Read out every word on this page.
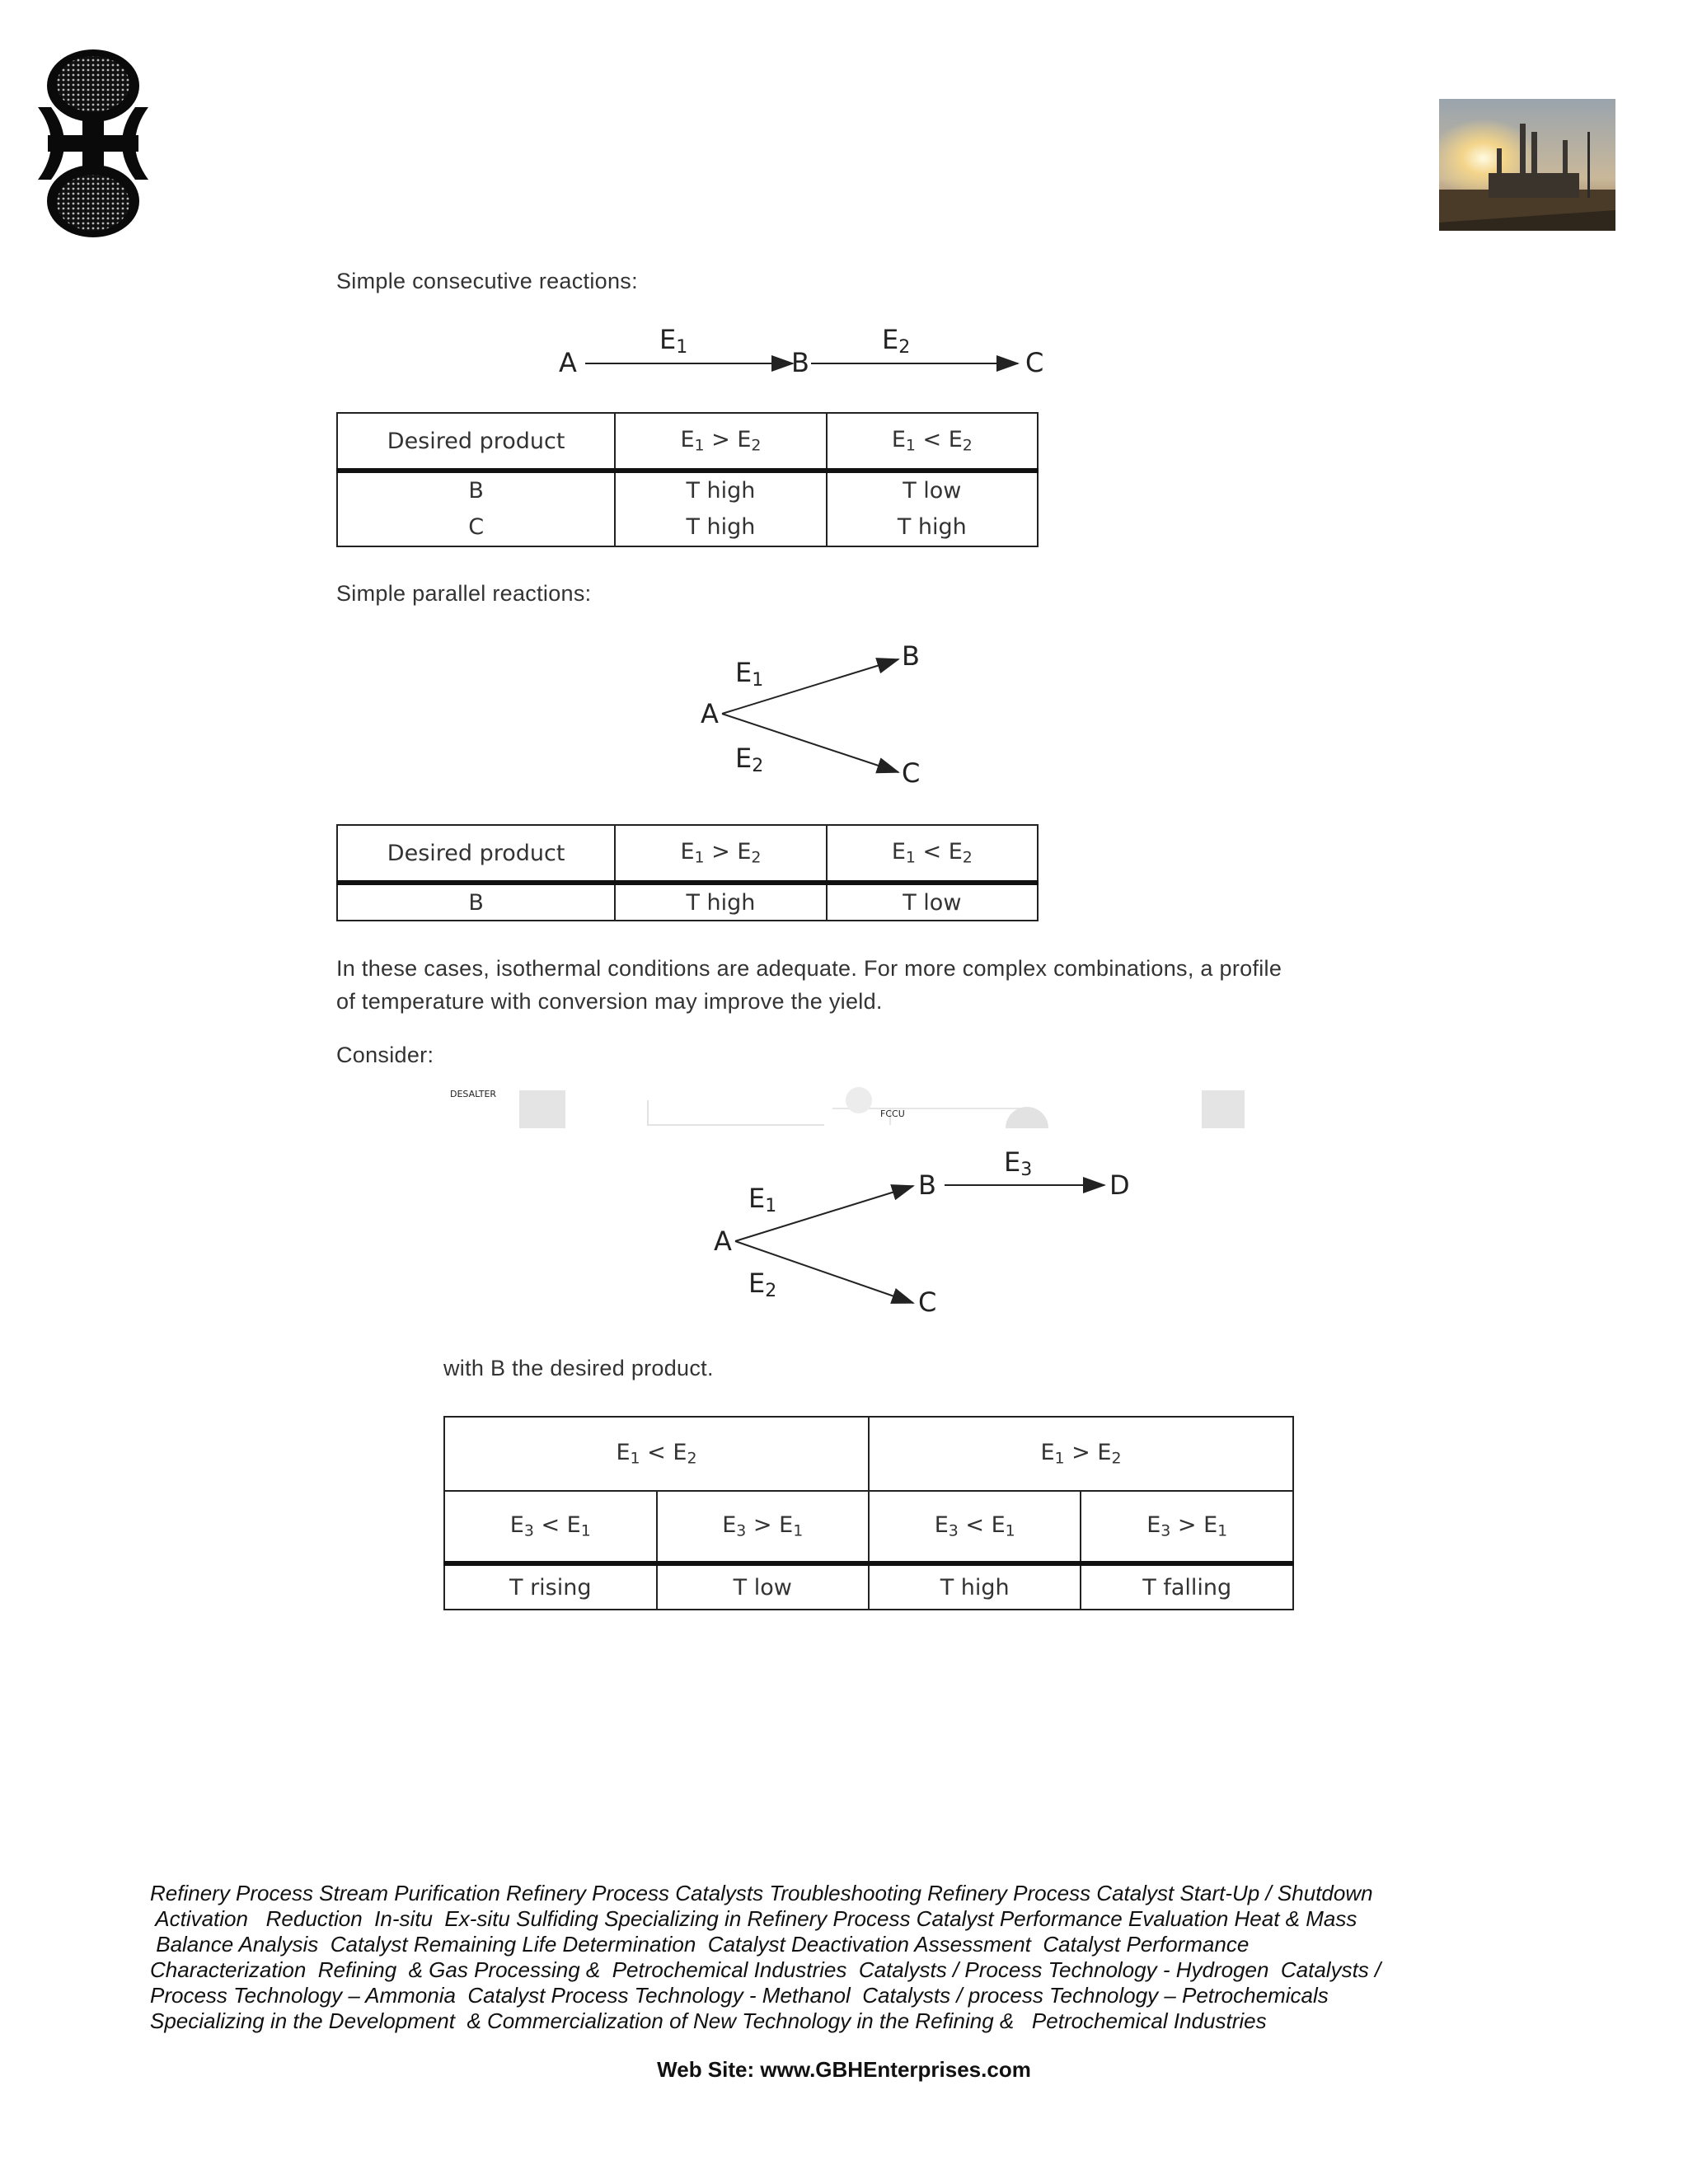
Simple consecutive reactions:
A
E1	B
E2	C
Desired product	$E_1 > E_2$	$E_1 < E_2$
B	T high	T low
C	T high	T high
Simple parallel reactions:
A
B
C
E1
E2
Desired product	$E_1 > E_2$	$E_1 < E_2$
B	T high	T low
In these cases, isothermal conditions are adequate. For more complex combinations, a profile
of temperature with conversion may improve the yield.
Consider:
DESALTER
FCCU
A
B
C
D
E1
E2
E3
with B the desired product.
$E_1 < E_2$		$E_1 > E_2$
$E_3 < E_1$	$E_3 > E_1$	$E_3 < E_1$	$E_3 > E_1$
T rising	T low	T high	T falling
Refinery Process Stream Purification Refinery Process Catalysts Troubleshooting Refinery Process Catalyst Start-Up / Shutdown
Activation   Reduction  In-situ  Ex-situ Sulfiding Specializing in Refinery Process Catalyst Performance Evaluation Heat & Mass
Balance Analysis  Catalyst Remaining Life Determination  Catalyst Deactivation Assessment  Catalyst Performance
Characterization  Refining  & Gas Processing &  Petrochemical Industries  Catalysts / Process Technology - Hydrogen  Catalysts /
Process Technology – Ammonia  Catalyst Process Technology - Methanol  Catalysts / process Technology – Petrochemicals
Specializing in the Development  & Commercialization of New Technology in the Refining &   Petrochemical Industries
Web Site: www.GBHEnterprises.com
